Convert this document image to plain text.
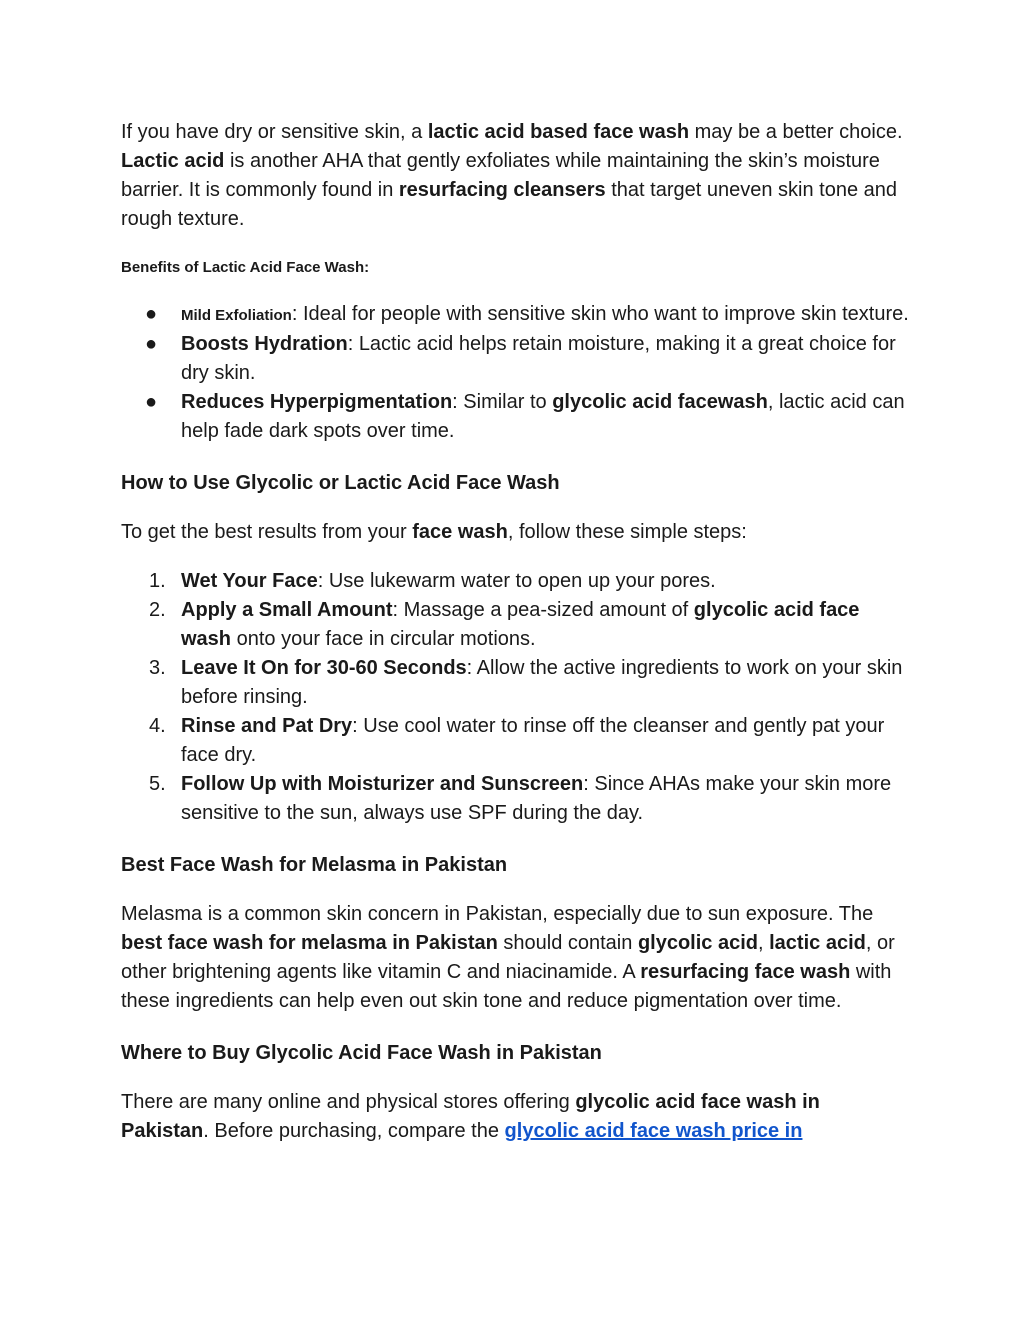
If you have dry or sensitive skin, a lactic acid based face wash may be a better choice. Lactic acid is another AHA that gently exfoliates while maintaining the skin’s moisture barrier. It is commonly found in resurfacing cleansers that target uneven skin tone and rough texture.

Benefits of Lactic Acid Face Wash:

●	Mild Exfoliation: Ideal for people with sensitive skin who want to improve skin texture.
●	Boosts Hydration: Lactic acid helps retain moisture, making it a great choice for dry skin.
●	Reduces Hyperpigmentation: Similar to glycolic acid facewash, lactic acid can help fade dark spots over time.

How to Use Glycolic or Lactic Acid Face Wash

To get the best results from your face wash, follow these simple steps:

1. Wet Your Face: Use lukewarm water to open up your pores.
2. Apply a Small Amount: Massage a pea-sized amount of glycolic acid face wash onto your face in circular motions.
3. Leave It On for 30-60 Seconds: Allow the active ingredients to work on your skin before rinsing.
4. Rinse and Pat Dry: Use cool water to rinse off the cleanser and gently pat your face dry.
5. Follow Up with Moisturizer and Sunscreen: Since AHAs make your skin more sensitive to the sun, always use SPF during the day.

Best Face Wash for Melasma in Pakistan

Melasma is a common skin concern in Pakistan, especially due to sun exposure. The best face wash for melasma in Pakistan should contain glycolic acid, lactic acid, or other brightening agents like vitamin C and niacinamide. A resurfacing face wash with these ingredients can help even out skin tone and reduce pigmentation over time.

Where to Buy Glycolic Acid Face Wash in Pakistan

There are many online and physical stores offering glycolic acid face wash in Pakistan. Before purchasing, compare the glycolic acid face wash price in
